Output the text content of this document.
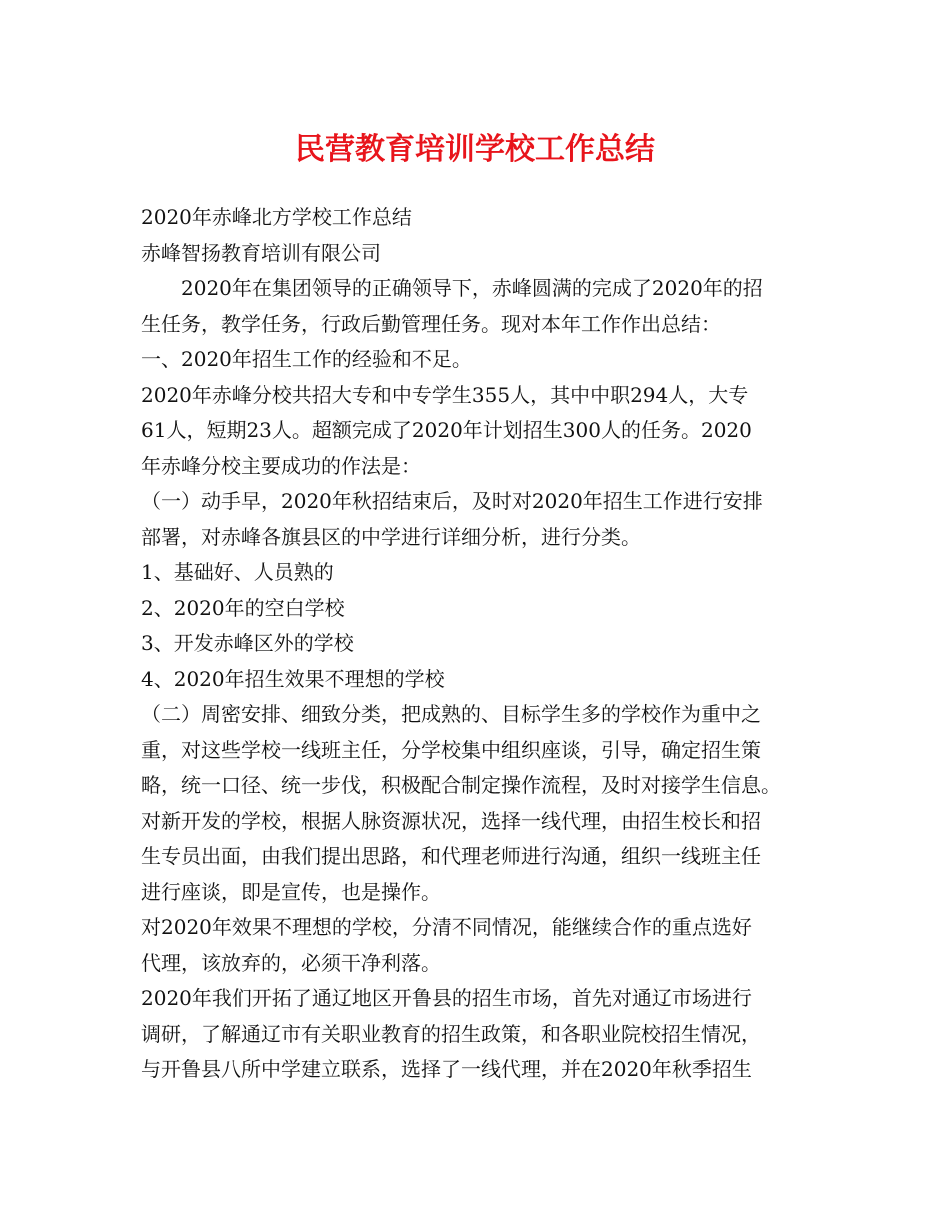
民营教育培训学校工作总结
2020年赤峰北方学校工作总结
赤峰智扬教育培训有限公司
2020年在集团领导的正确领导下，赤峰圆满的完成了2020年的招
生任务，教学任务，行政后勤管理任务。现对本年工作作出总结：
一、2020年招生工作的经验和不足。
2020年赤峰分校共招大专和中专学生355人，其中中职294人，大专
61人，短期23人。超额完成了2020年计划招生300人的任务。2020
年赤峰分校主要成功的作法是：
（一）动手早，2020年秋招结束后，及时对2020年招生工作进行安排
部署，对赤峰各旗县区的中学进行详细分析，进行分类。
1、基础好、人员熟的
2、2020年的空白学校
3、开发赤峰区外的学校
4、2020年招生效果不理想的学校
（二）周密安排、细致分类，把成熟的、目标学生多的学校作为重中之
重，对这些学校一线班主任，分学校集中组织座谈，引导，确定招生策
略，统一口径、统一步伐，积极配合制定操作流程，及时对接学生信息。
对新开发的学校，根据人脉资源状况，选择一线代理，由招生校长和招
生专员出面，由我们提出思路，和代理老师进行沟通，组织一线班主任
进行座谈，即是宣传，也是操作。
对2020年效果不理想的学校，分清不同情况，能继续合作的重点选好
代理，该放弃的，必须干净利落。
2020年我们开拓了通辽地区开鲁县的招生市场，首先对通辽市场进行
调研，了解通辽市有关职业教育的招生政策，和各职业院校招生情况，
与开鲁县八所中学建立联系，选择了一线代理，并在2020年秋季招生
